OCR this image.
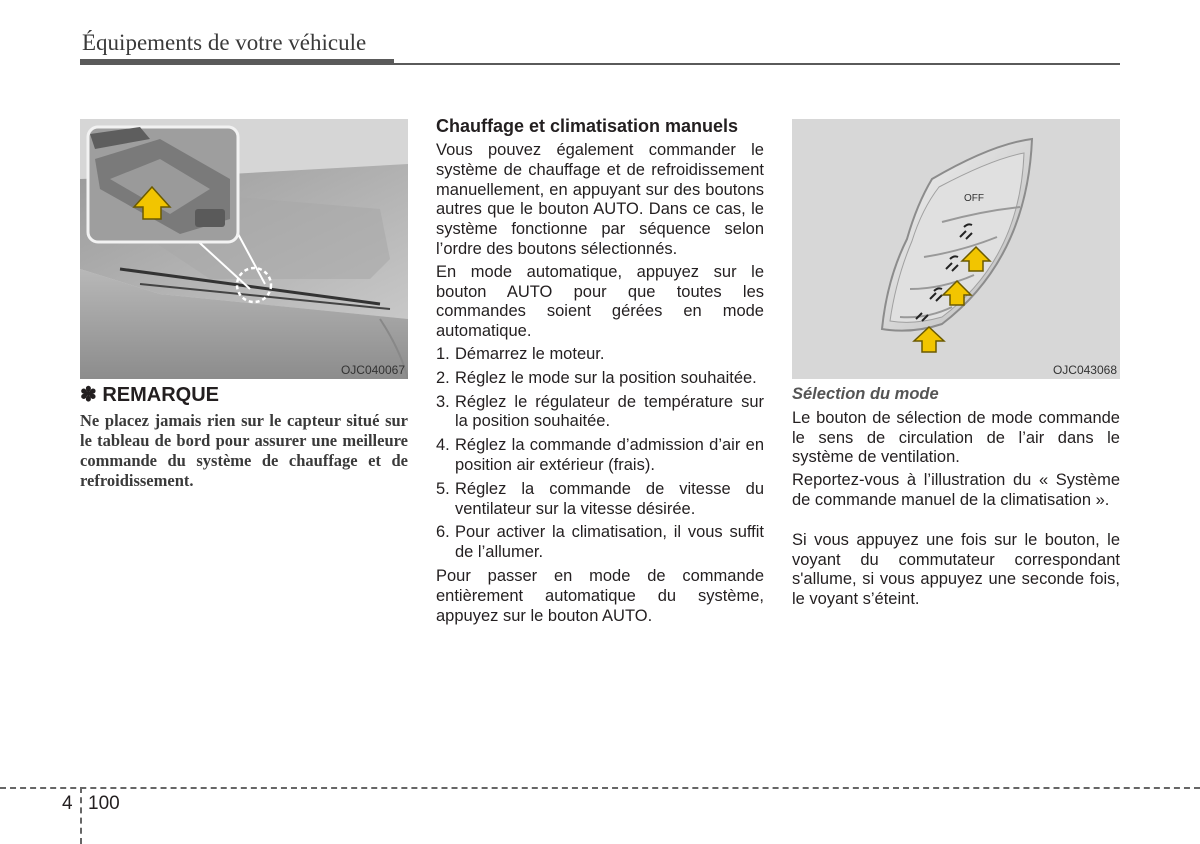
Équipements de votre véhicule
OJC040067
✽ REMARQUE
Ne placez jamais rien sur le capteur situé sur le tableau de bord pour assurer une meilleure commande du système de chauffage et de refroidissement.
Chauffage et climatisation manuels

Vous pouvez également commander le système de chauffage et de refroidissement manuellement, en appuyant sur des boutons autres que le bouton AUTO. Dans ce cas, le système fonctionne par séquence selon l’ordre des boutons sélectionnés.

En mode automatique, appuyez sur le bouton AUTO pour que toutes les commandes soient gérées en mode automatique.

1. Démarrez le moteur.
2. Réglez le mode sur la position souhaitée.
3. Réglez le régulateur de température sur la position souhaitée.
4. Réglez la commande d’admission d’air en position air extérieur (frais).
5. Réglez la commande de vitesse du ventilateur sur la vitesse désirée.
6. Pour activer la climatisation, il vous suffit de l’allumer.

Pour passer en mode de commande entièrement automatique du système, appuyez sur le bouton AUTO.

OFF
OJC043068
Sélection du mode

Le bouton de sélection de mode commande le sens de circulation de l’air dans le système de ventilation.

Reportez-vous à l’illustration du « Système de commande manuel de la climatisation ».

Si vous appuyez une fois sur le bouton, le voyant du commutateur correspondant s'allume, si vous appuyez une seconde fois, le voyant s’éteint.

4 100
